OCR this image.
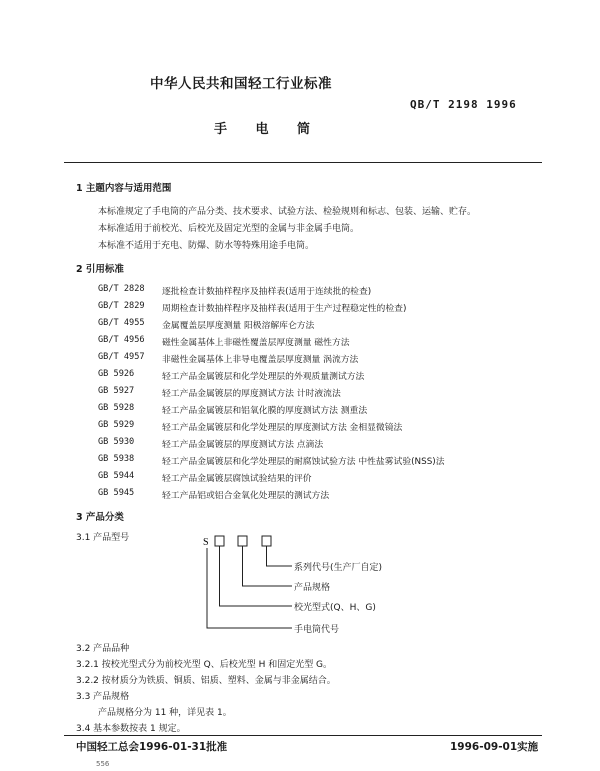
中华人民共和国轻工行业标准
QB/T 2198 1996
手 电 筒
1 主题内容与适用范围
本标准规定了手电筒的产品分类、技术要求、试验方法、检验规则和标志、包装、运输、贮存。
本标准适用于前校光、后校光及固定光型的金属与非金属手电筒。
本标准不适用于充电、防爆、防水等特殊用途手电筒。
2 引用标准
GB/T 2828	逐批检查计数抽样程序及抽样表(适用于连续批的检查)
GB/T 2829	周期检查计数抽样程序及抽样表(适用于生产过程稳定性的检查)
GB/T 4955	金属覆盖层厚度测量 阳极溶解库仑方法
GB/T 4956	磁性金属基体上非磁性覆盖层厚度测量 磁性方法
GB/T 4957	非磁性金属基体上非导电覆盖层厚度测量 涡流方法
GB 5926	轻工产品金属镀层和化学处理层的外观质量测试方法
GB 5927	轻工产品金属镀层的厚度测试方法 计时液流法
GB 5928	轻工产品金属镀层和铝氧化膜的厚度测试方法 测重法
GB 5929	轻工产品金属镀层和化学处理层的厚度测试方法 金相显微镜法
GB 5930	轻工产品金属镀层的厚度测试方法 点滴法
GB 5938	轻工产品金属镀层和化学处理层的耐腐蚀试验方法 中性盐雾试验(NSS)法
GB 5944	轻工产品金属镀层腐蚀试验结果的评价
GB 5945	轻工产品铝或铝合金氧化处理层的测试方法
3 产品分类
3.1 产品型号	S
系列代号(生产厂自定)
产品规格
校光型式(Q、H、G)
手电筒代号
3.2 产品品种
3.2.1 按校光型式分为前校光型 Q、后校光型 H 和固定光型 G。
3.2.2 按材质分为铁质、铜质、铝质、塑料、金属与非金属结合。
3.3 产品规格
产品规格分为 11 种，详见表 1。
3.4 基本参数按表 1 规定。
中国轻工总会1996-01-31批准	1996-09-01实施
556
